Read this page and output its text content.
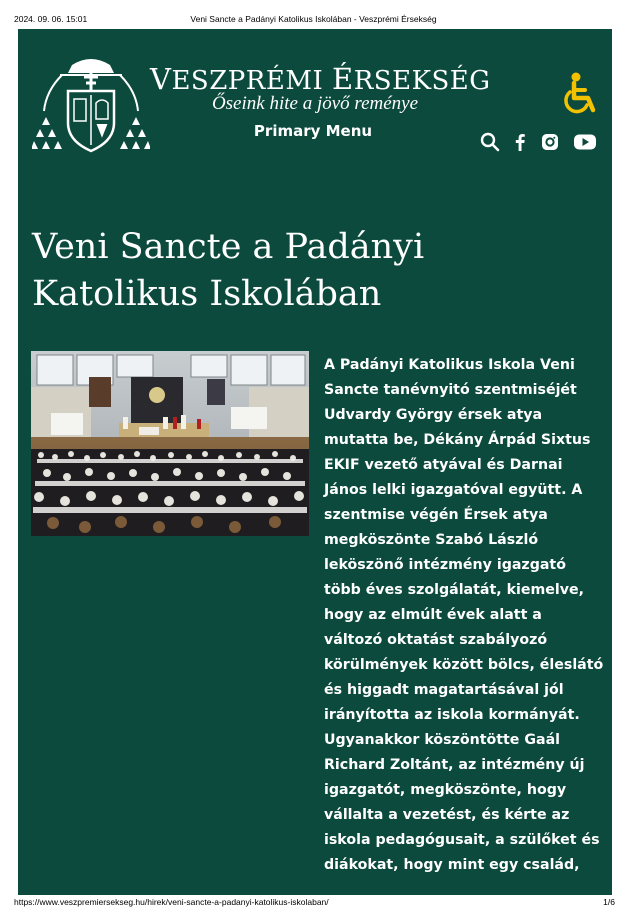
2024. 09. 06. 15:01	Veni Sancte a Padányi Katolikus Iskolában - Veszprémi Érsekség
VESZPRÉMI ÉRSEKSÉG
Őseink hite a jövő reménye
Primary Menu
Veni Sancte a Padányi Katolikus Iskolában

A Padányi Katolikus Iskola Veni Sancte tanévnyitó szentmiséjét Udvardy György érsek atya mutatta be, Dékány Árpád Sixtus EKIF vezető atyával és Darnai János lelki igazgatóval együtt. A szentmise végén Érsek atya megköszönte Szabó László leköszönő intézmény igazgató több éves szolgálatát, kiemelve, hogy az elmúlt évek alatt a változó oktatást szabályozó körülmények között bölcs, éleslátó és higgadt magatartásával jól irányította az iskola kormányát. Ugyanakkor köszöntötte Gaál Richard Zoltánt, az intézmény új igazgatót, megköszönte, hogy vállalta a vezetést, és kérte az iskola pedagógusait, a szülőket és diákokat, hogy mint egy család,

https://www.veszpremiersekseg.hu/hirek/veni-sancte-a-padanyi-katolikus-iskolaban/	1/6
